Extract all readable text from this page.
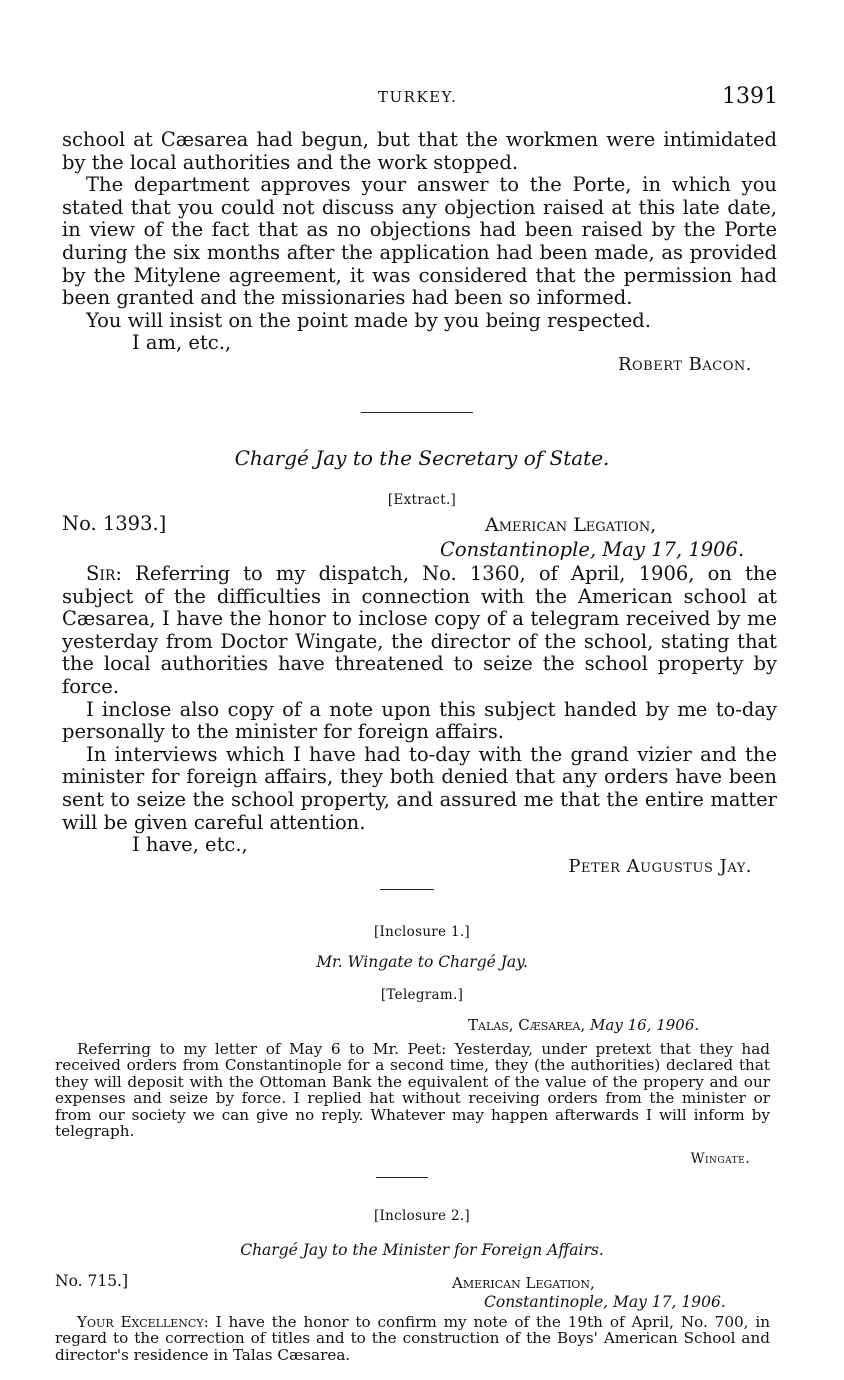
TURKEY.	1391

school at Cæsarea had begun, but that the workmen were intimidated by the local authorities and the work stopped.

The department approves your answer to the Porte, in which you stated that you could not discuss any objection raised at this late date, in view of the fact that as no objections had been raised by the Porte during the six months after the application had been made, as provided by the Mitylene agreement, it was considered that the permission had been granted and the missionaries had been so informed.

You will insist on the point made by you being respected.

I am, etc.,

Robert Bacon.

Chargé Jay to the Secretary of State.
[Extract.]
No. 1393.]	American Legation,
Constantinople, May 17, 1906.

Sir: Referring to my dispatch, No. 1360, of April, 1906, on the subject of the difficulties in connection with the American school at Cæsarea, I have the honor to inclose copy of a telegram received by me yesterday from Doctor Wingate, the director of the school, stating that the local authorities have threatened to seize the school property by force.

I inclose also copy of a note upon this subject handed by me to-day personally to the minister for foreign affairs.

In interviews which I have had to-day with the grand vizier and the minister for foreign affairs, they both denied that any orders have been sent to seize the school property, and assured me that the entire matter will be given careful attention.

I have, etc.,

Peter Augustus Jay.

[Inclosure 1.]
Mr. Wingate to Chargé Jay.
[Telegram.]
Talas, Cæsarea, May 16, 1906.

Referring to my letter of May 6 to Mr. Peet: Yesterday, under pretext that they had received orders from Constantinople for a second time, they (the authorities) declared that they will deposit with the Ottoman Bank the equivalent of the value of the propery and our expenses and seize by force. I replied hat without receiving orders from the minister or from our society we can give no reply. Whatever may happen afterwards I will inform by telegraph.

Wingate.
[Inclosure 2.]
Chargé Jay to the Minister for Foreign Affairs.
No. 715.]	American Legation,
Constantinople, May 17, 1906.

Your Excellency: I have the honor to confirm my note of the 19th of April, No. 700, in regard to the correction of titles and to the construction of the Boys' American School and director's residence in Talas Cæsarea.
